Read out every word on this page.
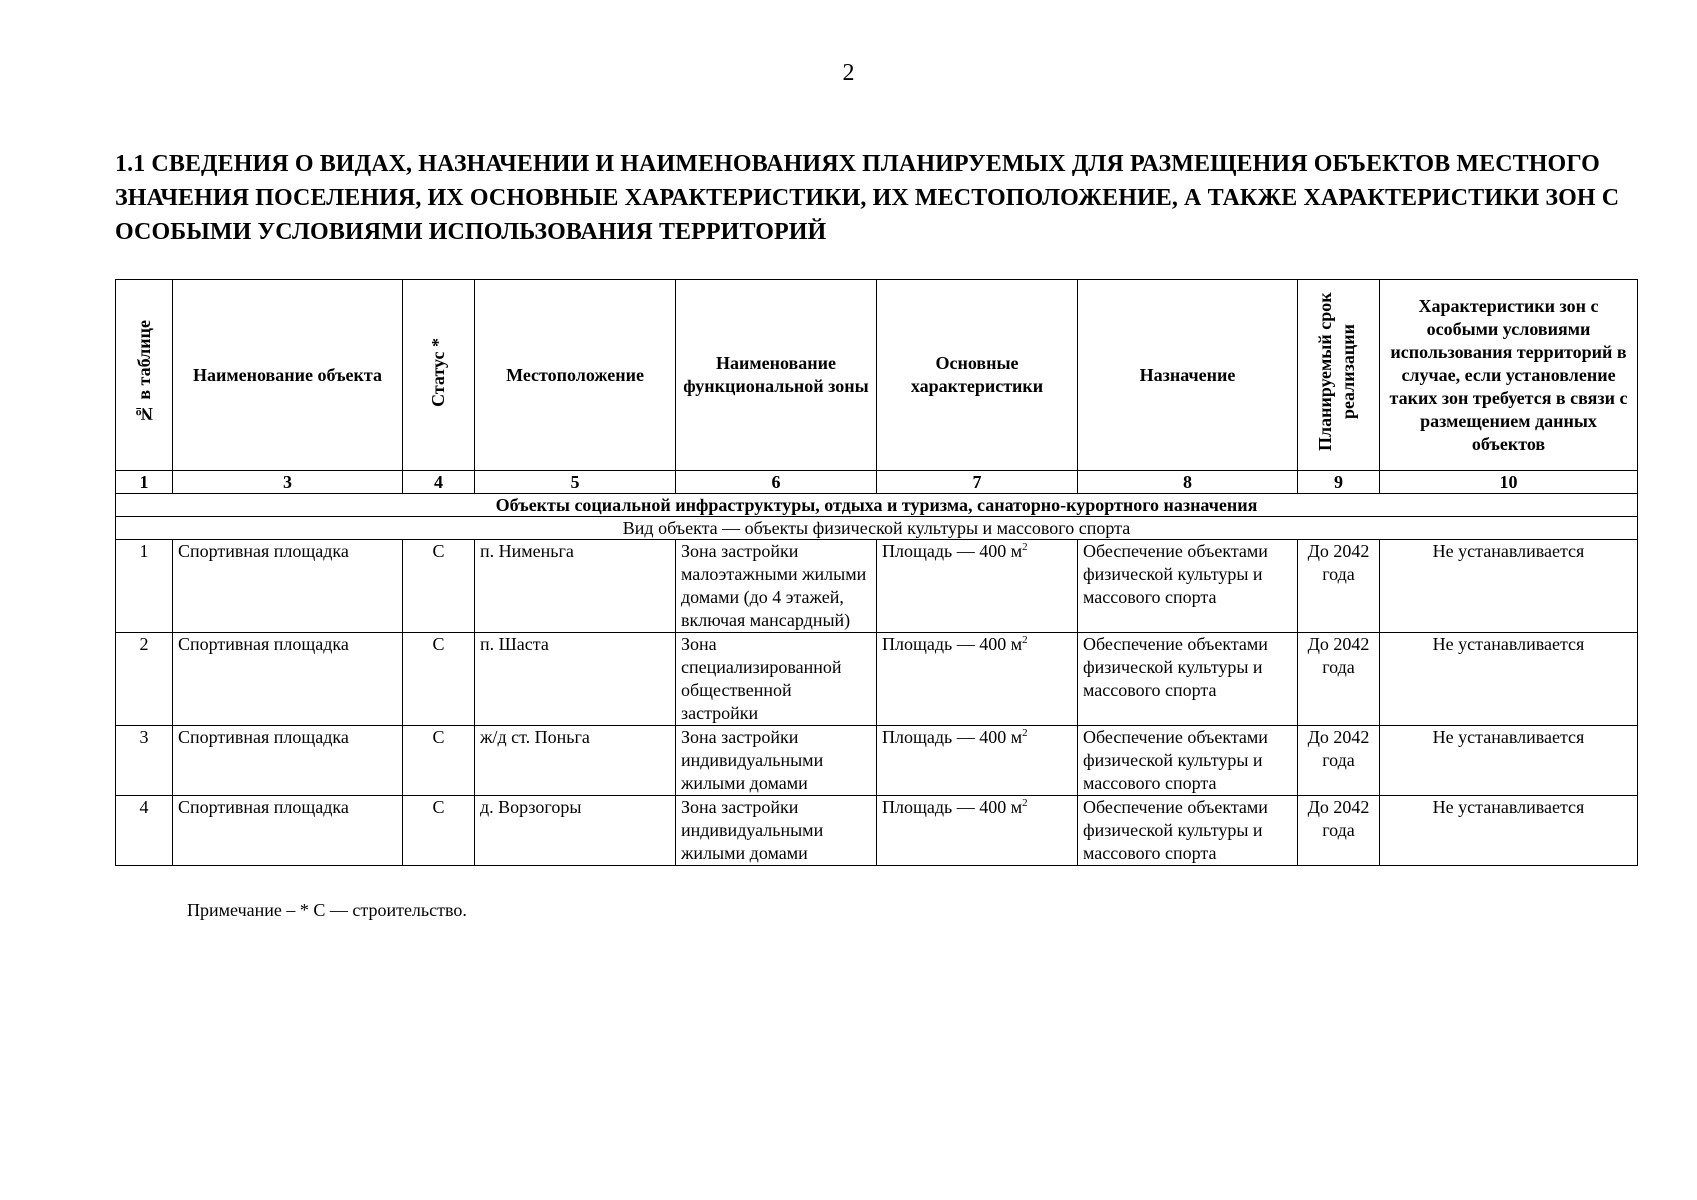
2
1.1 СВЕДЕНИЯ О ВИДАХ, НАЗНАЧЕНИИ И НАИМЕНОВАНИЯХ ПЛАНИРУЕМЫХ ДЛЯ РАЗМЕЩЕНИЯ ОБЪЕКТОВ МЕСТНОГО ЗНАЧЕНИЯ ПОСЕЛЕНИЯ, ИХ ОСНОВНЫЕ ХАРАКТЕРИСТИКИ, ИХ МЕСТОПОЛОЖЕНИЕ, А ТАКЖЕ ХАРАКТЕРИСТИКИ ЗОН С ОСОБЫМИ УСЛОВИЯМИ ИСПОЛЬЗОВАНИЯ ТЕРРИТОРИЙ
№ в таблице	Наименование объекта	Статус *	Местоположение	Наименование функциональной зоны	Основные характеристики	Назначение	Планируемый срок реализации	Характеристики зон с особыми условиями использования территорий в случае, если установление таких зон требуется в связи с размещением данных объектов
1	3	4	5	6	7	8	9	10
Объекты социальной инфраструктуры, отдыха и туризма, санаторно-курортного назначения								
Вид объекта — объекты физической культуры и массового спорта								
1	Спортивная площадка	С	п. Нименьга	Зона застройки малоэтажными жилыми домами (до 4 этажей, включая мансардный)	Площадь — 400 $м^2$	Обеспечение объектами физической культуры и массового спорта	До 2042 года	Не устанавливается
2	Спортивная площадка	С	п. Шаста	Зона специализированной общественной застройки	Площадь — 400 $м^2$	Обеспечение объектами физической культуры и массового спорта	До 2042 года	Не устанавливается
3	Спортивная площадка	С	ж/д ст. Поньга	Зона застройки индивидуальными жилыми домами	Площадь — 400 $м^2$	Обеспечение объектами физической культуры и массового спорта	До 2042 года	Не устанавливается
4	Спортивная площадка	С	д. Ворзогоры	Зона застройки индивидуальными жилыми домами	Площадь — 400 $м^2$	Обеспечение объектами физической культуры и массового спорта	До 2042 года	Не устанавливается
Примечание – * С — строительство.
